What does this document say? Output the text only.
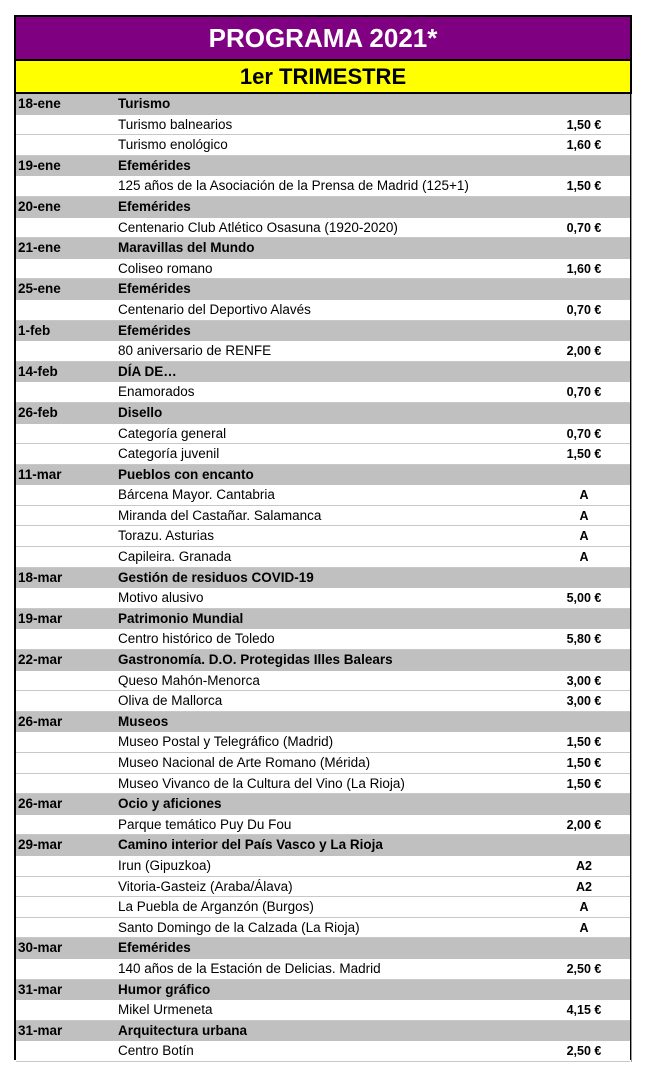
PROGRAMA 2021*
1er TRIMESTRE
18-ene	Turismo
Turismo balnearios	1,50 €
Turismo enológico	1,60 €
19-ene	Efemérides
125 años de la Asociación de la Prensa de Madrid (125+1)	1,50 €
20-ene	Efemérides
Centenario Club Atlético Osasuna (1920-2020)	0,70 €
21-ene	Maravillas del Mundo
Coliseo romano	1,60 €
25-ene	Efemérides
Centenario del Deportivo Alavés	0,70 €
1-feb	Efemérides
80 aniversario de RENFE	2,00 €
14-feb	DÍA DE…
Enamorados	0,70 €
26-feb	Disello
Categoría general	0,70 €
Categoría juvenil	1,50 €
11-mar	Pueblos con encanto
Bárcena Mayor. Cantabria	A
Miranda del Castañar. Salamanca	A
Torazu. Asturias	A
Capileira. Granada	A
18-mar	Gestión de residuos COVID-19
Motivo alusivo	5,00 €
19-mar	Patrimonio Mundial
Centro histórico de Toledo	5,80 €
22-mar	Gastronomía. D.O. Protegidas Illes Balears
Queso Mahón-Menorca	3,00 €
Oliva de Mallorca	3,00 €
26-mar	Museos
Museo Postal y Telegráfico (Madrid)	1,50 €
Museo Nacional de Arte Romano (Mérida)	1,50 €
Museo Vivanco de la Cultura del Vino (La Rioja)	1,50 €
26-mar	Ocio y aficiones
Parque temático Puy Du Fou	2,00 €
29-mar	Camino interior del País Vasco y La Rioja
Irun (Gipuzkoa)	A2
Vitoria-Gasteiz (Araba/Álava)	A2
La Puebla de Arganzón (Burgos)	A
Santo Domingo de la Calzada (La Rioja)	A
30-mar	Efemérides
140 años de la Estación de Delicias. Madrid	2,50 €
31-mar	Humor gráfico
Mikel Urmeneta	4,15 €
31-mar	Arquitectura urbana
Centro Botín	2,50 €
